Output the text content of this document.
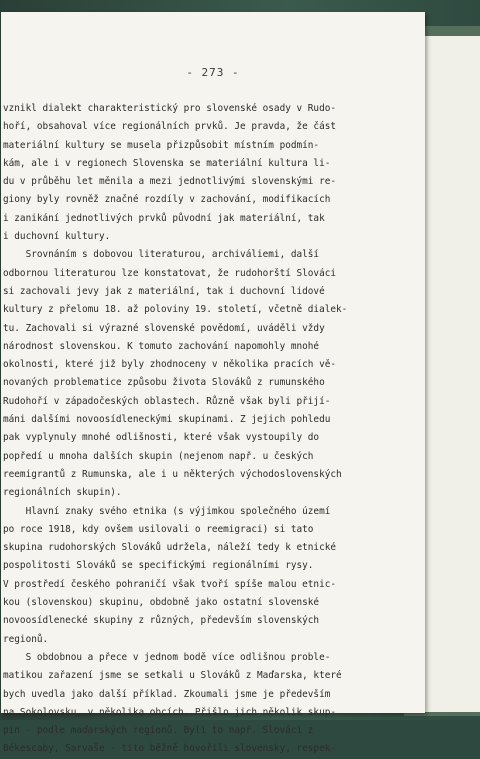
- 273 -
vznikl dialekt charakteristický pro slovenské osady v Rudo-
hoří, obsahoval více regionálních prvků. Je pravda, že část
materiální kultury se musela přizpůsobit místním podmín-
kám, ale i v regionech Slovenska se materiální kultura li-
du v průběhu let měnila a mezi jednotlivými slovenskými re-
giony byly rovněž značné rozdíly v zachování, modifikacích
i zanikání jednotlivých prvků původní jak materiální, tak
i duchovní kultury.
Srovnáním s dobovou literaturou, archiváliemi, další
odbornou literaturou lze konstatovat, že rudohorští Slováci
si zachovali jevy jak z materiální, tak i duchovní lidové
kultury z přelomu 18. až poloviny 19. století, včetně dialek-
tu. Zachovali si výrazné slovenské povědomí, uváděli vždy
národnost slovenskou. K tomuto zachování napomohly mnohé
okolnosti, které již byly zhodnoceny v několika pracích vě-
novaných problematice způsobu života Slováků z rumunského
Rudohoří v západočeských oblastech. Různě však byli přijí-
máni dalšími novoosídleneckými skupinami. Z jejich pohledu
pak vyplynuly mnohé odlišnosti, které však vystoupily do
popředí u mnoha dalších skupin (nejenom např. u českých
reemigrantů z Rumunska, ale i u některých východoslovenských
regionálních skupin).
Hlavní znaky svého etnika (s výjimkou společného území
po roce 1918, kdy ovšem usilovali o reemigraci) si tato
skupina rudohorských Slováků udržela, náleží tedy k etnické
pospolitosti Slováků se specifickými regionálními rysy.
V prostředí českého pohraničí však tvoří spíše malou etnic-
kou (slovenskou) skupinu, obdobně jako ostatní slovenské
novoosídlenecké skupiny z různých, především slovenských
regionů.
S obdobnou a přece v jednom bodě více odlišnou proble-
matikou zařazení jsme se setkali u Slováků z Maďarska, které
bych uvedla jako další příklad. Zkoumali jsme je především
na Sokolovsku, v několika obcích. Přišlo jich několik skup-
pin - podle maďarských regionů. Byli to např. Slováci z
Békescaby, Sarvaše - tito běžně hovořili slovensky, respek-
